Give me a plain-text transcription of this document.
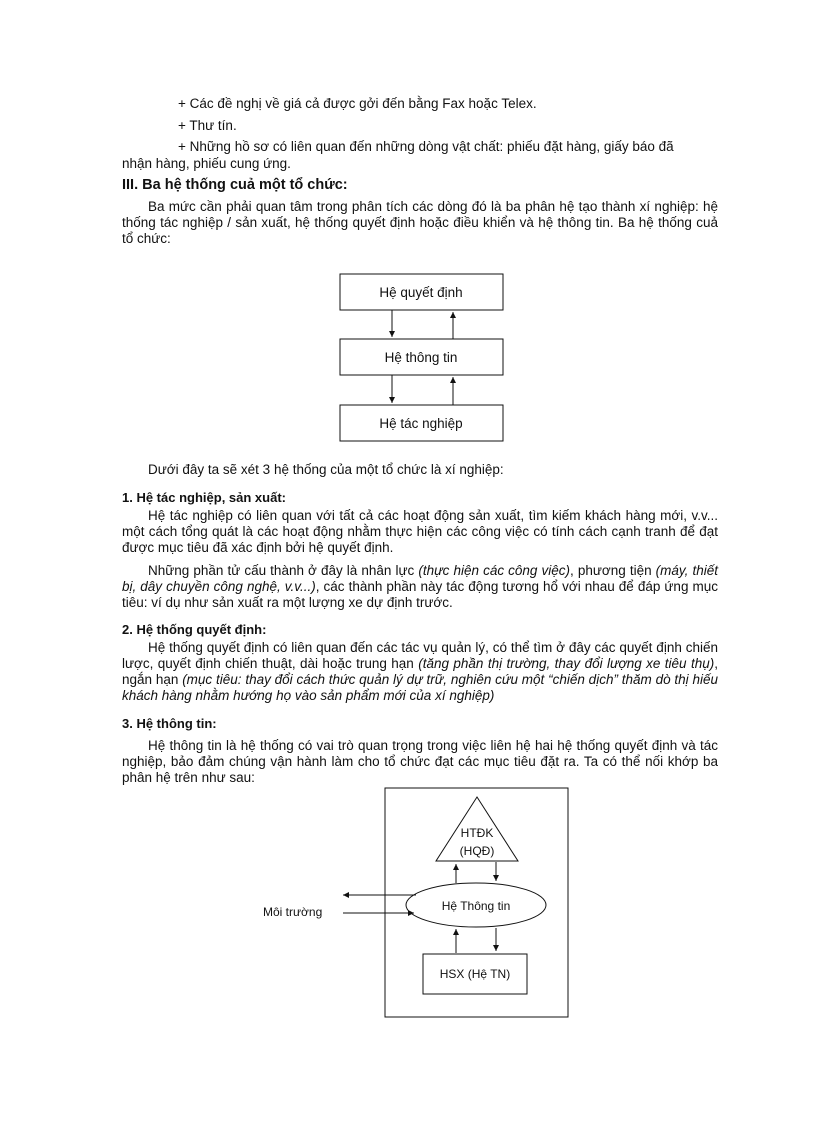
+ Các đề nghị về giá cả được gởi đến bằng Fax hoặc Telex.

+ Thư tín.

+ Những hồ sơ có liên quan đến những dòng vật chất: phiếu đặt hàng, giấy báo đã

nhận hàng, phiếu cung ứng.

III. Ba hệ thống cuả một tổ chức:

Ba mức cần phải quan tâm trong phân tích các dòng đó là ba phân hệ tạo thành xí nghiệp: hệ thống tác nghiệp / sản xuất, hệ thống quyết định hoặc điều khiển và hệ thông tin. Ba hệ thống cuả tổ chức:

Hệ quyết định
Hệ thông tin
Hệ tác nghiệp

Dưới đây ta sẽ xét 3 hệ thống của một tổ chức là xí nghiệp:

1. Hệ tác nghiệp, sản xuất:

Hệ tác nghiệp có liên quan với tất cả các hoạt động sản xuất, tìm kiếm khách hàng mới, v.v... một cách tổng quát là các hoạt động nhằm thực hiện các công việc có tính cách cạnh tranh để đạt được mục tiêu đã xác định bởi hệ quyết định.

Những phần tử cấu thành ở đây là nhân lực (thực hiện các công việc), phương tiện (máy, thiết bị, dây chuyền công nghệ, v.v...), các thành phần này tác động tương hổ với nhau để đáp ứng mục tiêu: ví dụ như sản xuất ra một lượng xe dự định trước.

2. Hệ thống quyết định:

Hệ thống quyết định có liên quan đến các tác vụ quản lý, có thể tìm ở đây các quyết định chiến lược, quyết định chiến thuật, dài hoặc trung hạn (tăng phần thị trường, thay đổi lượng xe tiêu thụ), ngắn hạn (mục tiêu: thay đổi cách thức quản lý dự trữ, nghiên cứu một “chiến dịch” thăm dò thị hiếu khách hàng nhằm hướng họ vào sản phẩm mới của xí nghiệp)

3. Hệ thông tin:

Hệ thông tin là hệ thống có vai trò quan trọng trong việc liên hệ hai hệ thống quyết định và tác nghiệp, bảo đảm chúng vận hành làm cho tổ chức đạt các mục tiêu đặt ra. Ta có thể nối khớp ba phân hệ trên như sau:

HTĐK
(HQĐ)
Hệ Thông tin
HSX (Hệ TN)
Môi trường
